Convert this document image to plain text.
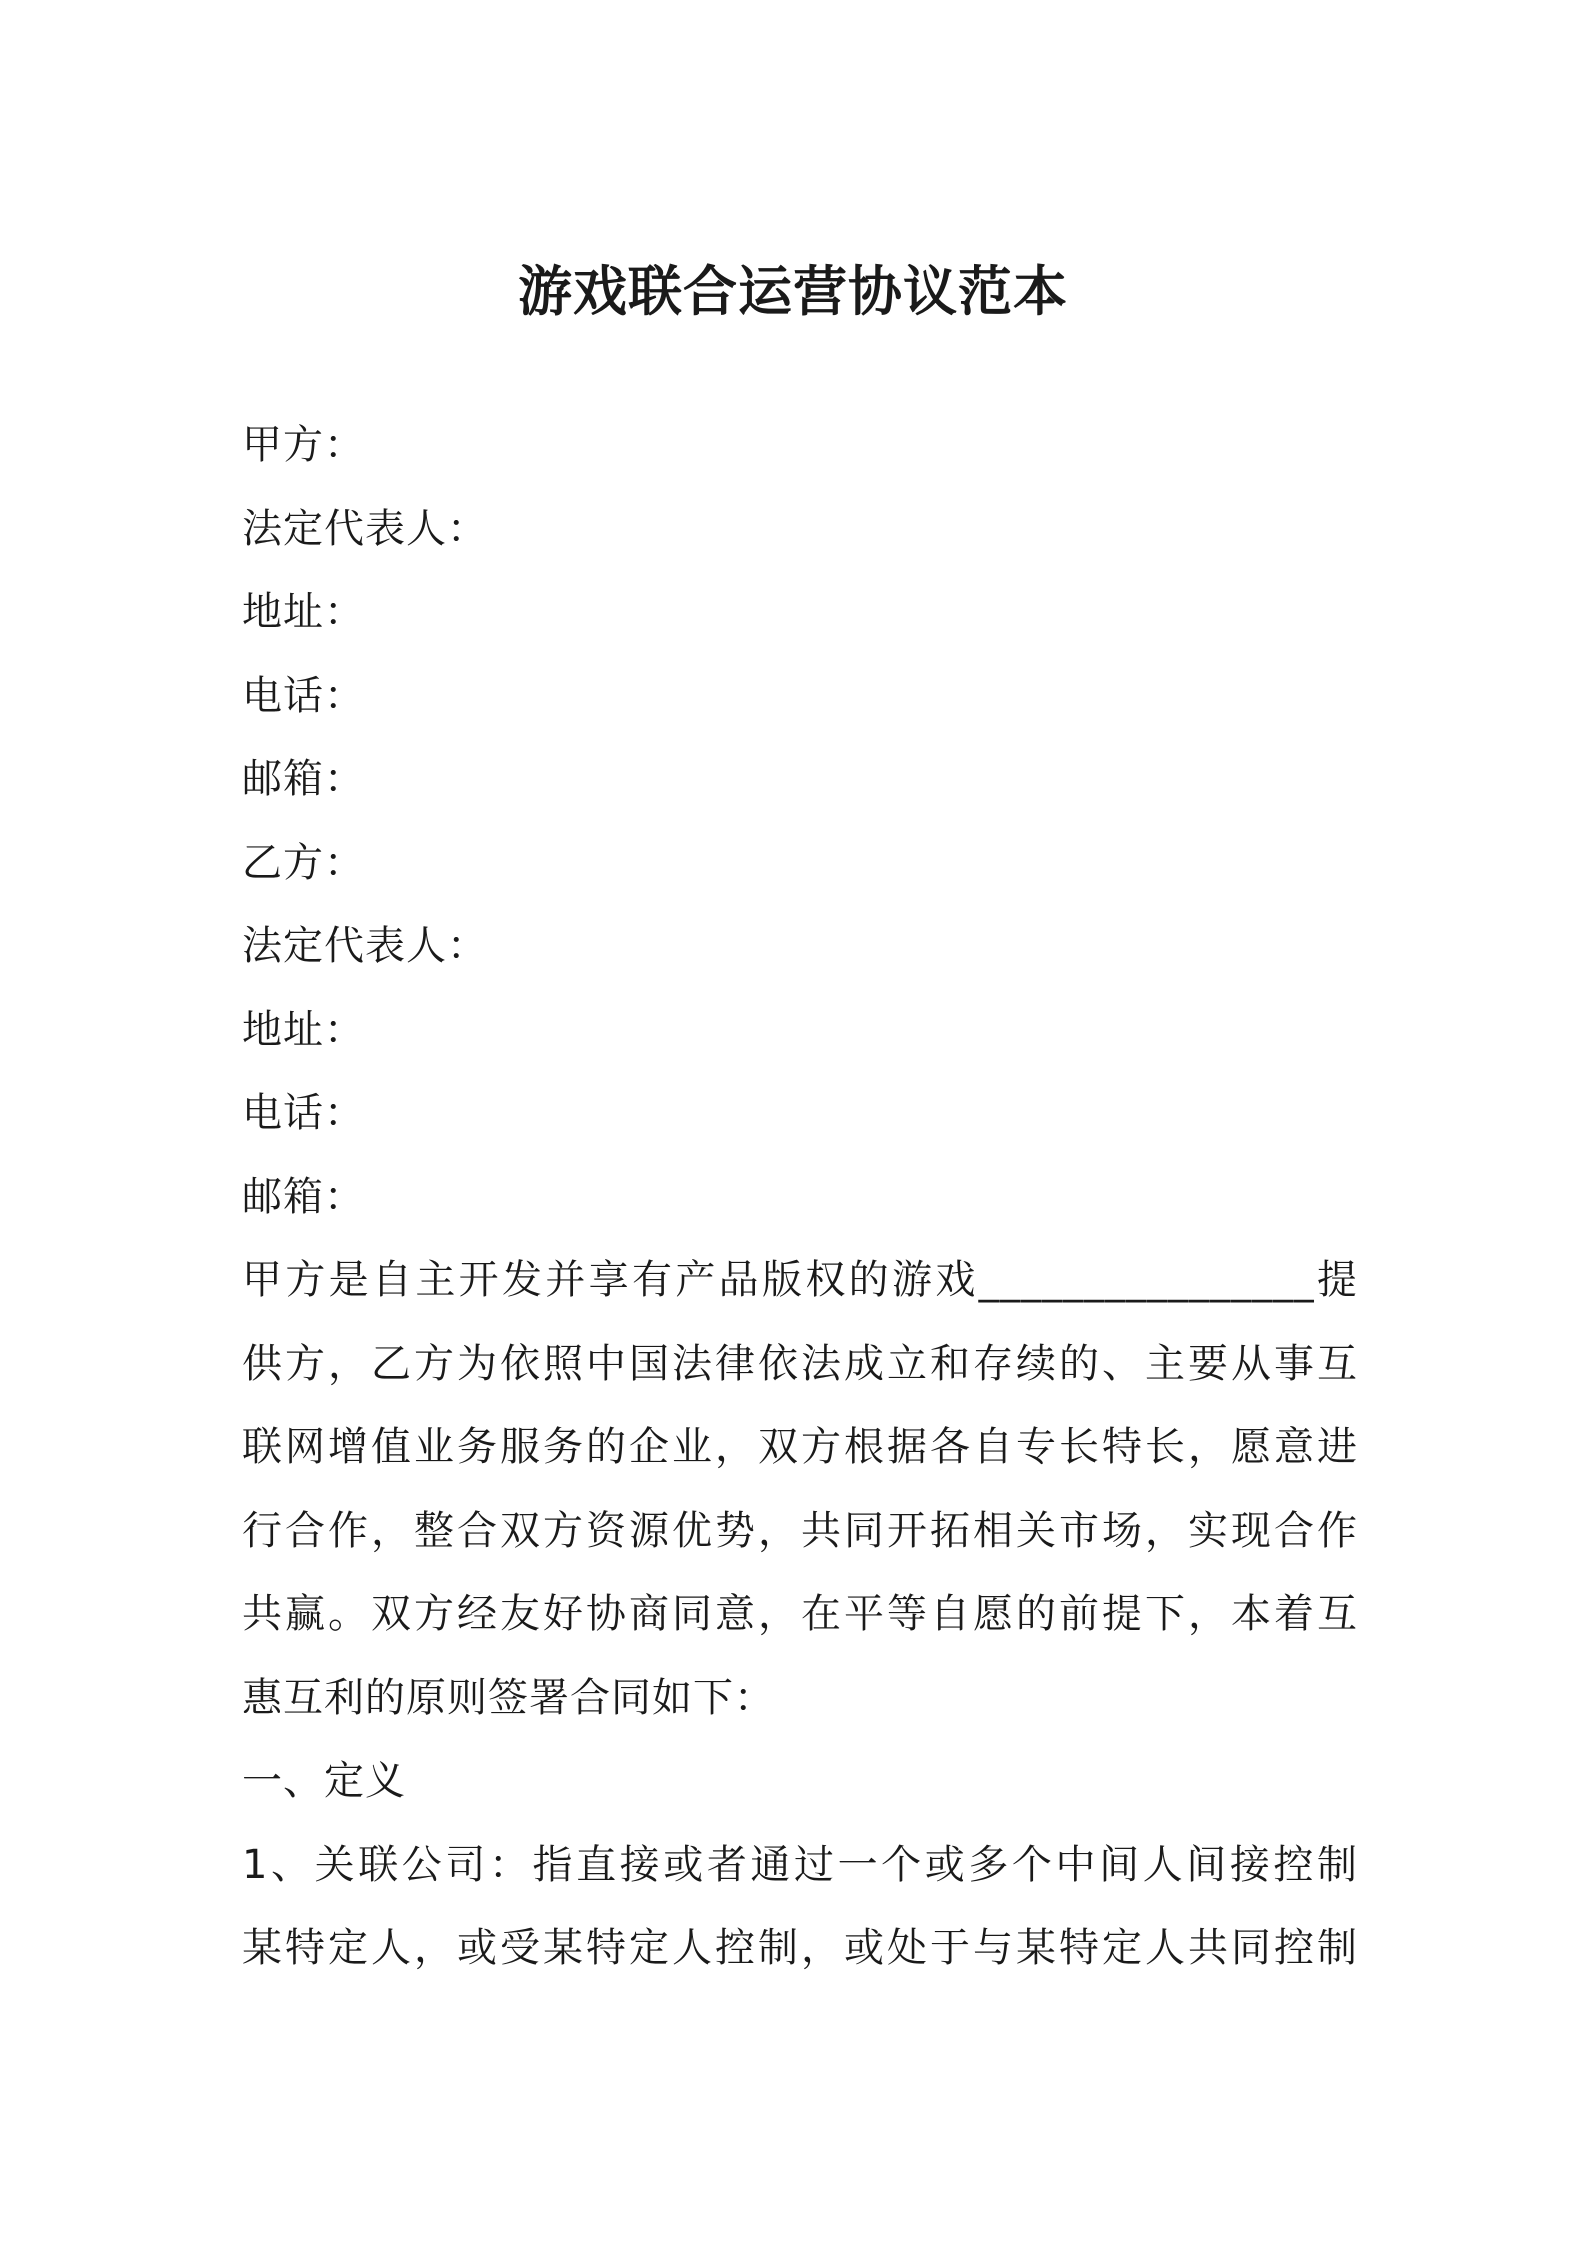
游戏联合运营协议范本
甲方：
法定代表人：
地址：
电话：
邮箱：
乙方：
法定代表人：
地址：
电话：
邮箱：
甲方是自主开发并享有产品版权的游戏________________提
供方，乙方为依照中国法律依法成立和存续的、主要从事互
联网增值业务服务的企业，双方根据各自专长特长，愿意进
行合作，整合双方资源优势，共同开拓相关市场，实现合作
共赢。双方经友好协商同意，在平等自愿的前提下，本着互
惠互利的原则签署合同如下：
一、定义
1、关联公司：指直接或者通过一个或多个中间人间接控制
某特定人，或受某特定人控制，或处于与某特定人共同控制
